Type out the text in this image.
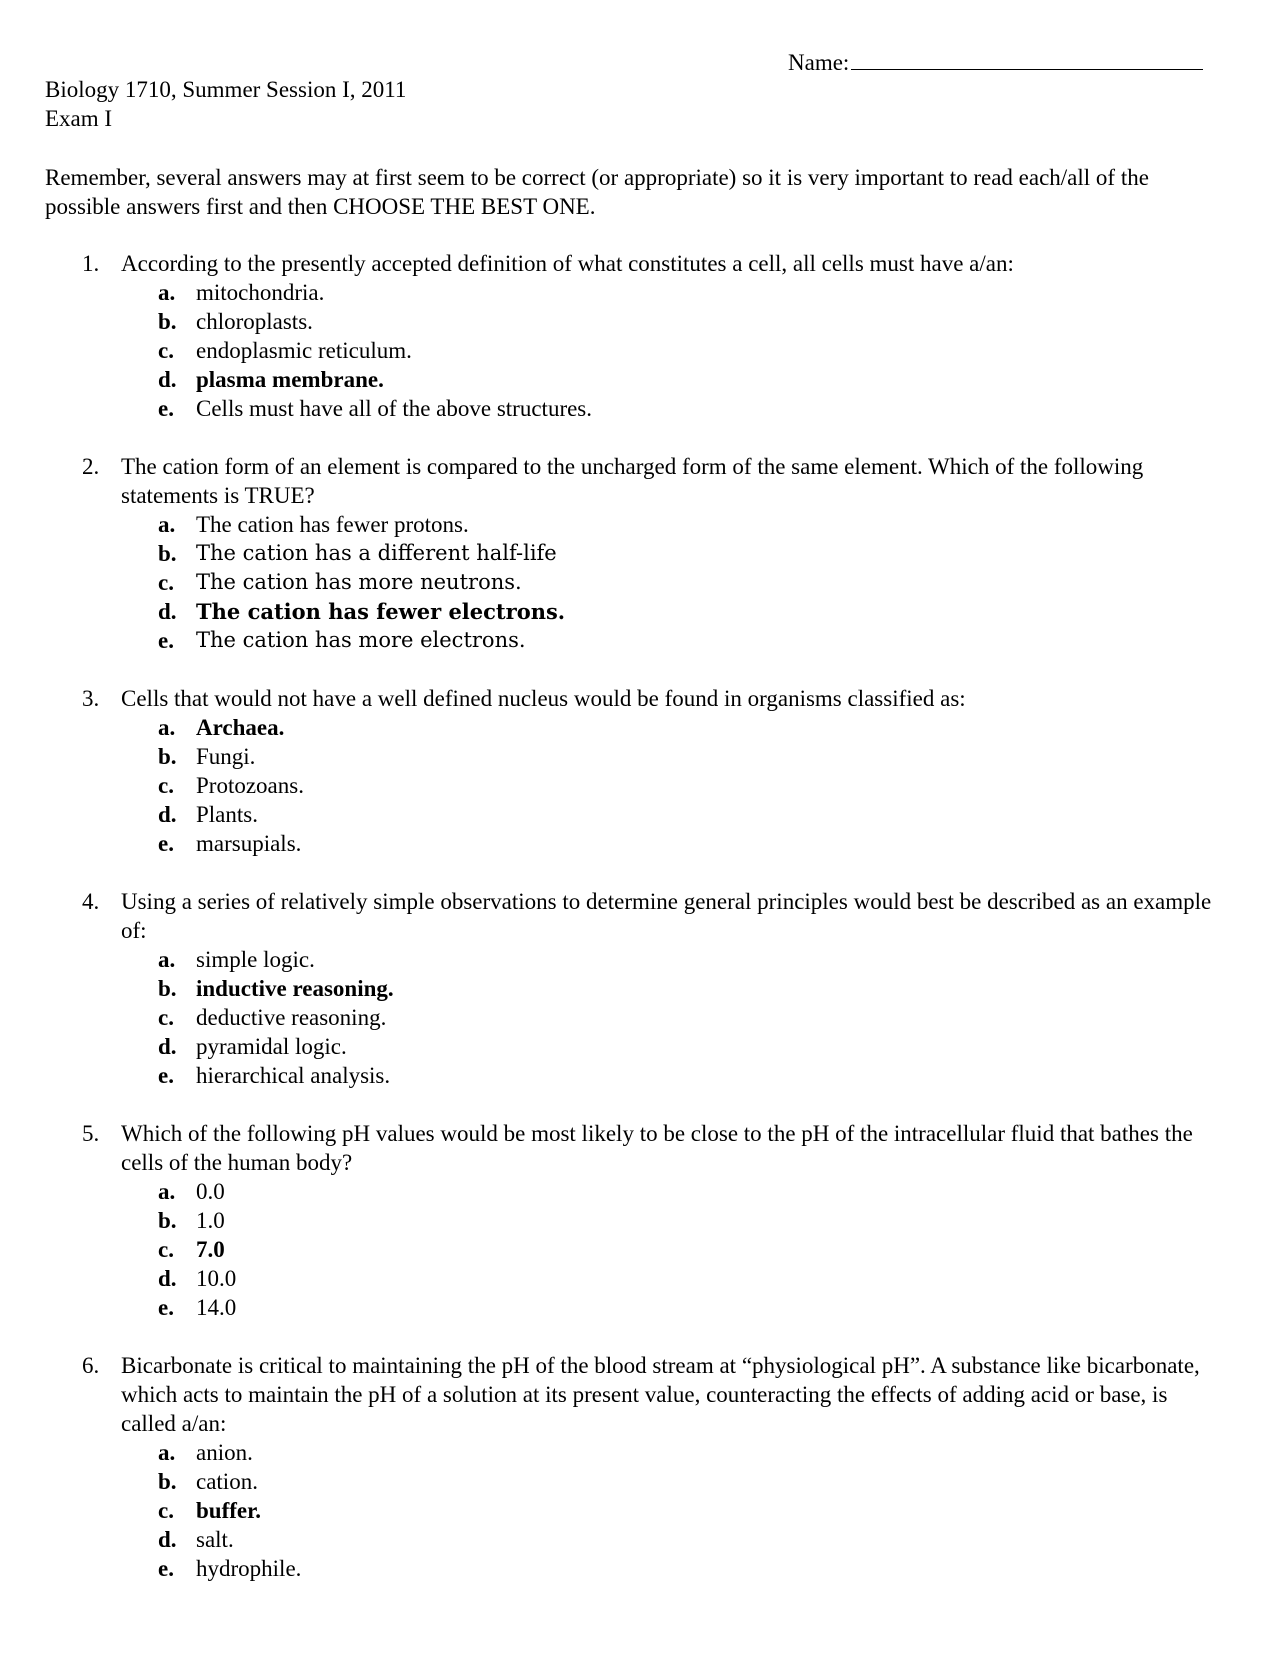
Name:
Biology 1710, Summer Session I, 2011
Exam I
Remember, several answers may at first seem to be correct (or appropriate) so it is very important to read each/all of the possible answers first and then CHOOSE THE BEST ONE.
1. According to the presently accepted definition of what constitutes a cell, all cells must have a/an:
a. mitochondria.
b. chloroplasts.
c. endoplasmic reticulum.
d. plasma membrane.
e. Cells must have all of the above structures.
2. The cation form of an element is compared to the uncharged form of the same element. Which of the following statements is TRUE?
a. The cation has fewer protons.
b. The cation has a different half-life
c. The cation has more neutrons.
d. The cation has fewer electrons.
e. The cation has more electrons.
3. Cells that would not have a well defined nucleus would be found in organisms classified as:
a. Archaea.
b. Fungi.
c. Protozoans.
d. Plants.
e. marsupials.
4. Using a series of relatively simple observations to determine general principles would best be described as an example of:
a. simple logic.
b. inductive reasoning.
c. deductive reasoning.
d. pyramidal logic.
e. hierarchical analysis.
5. Which of the following pH values would be most likely to be close to the pH of the intracellular fluid that bathes the cells of the human body?
a. 0.0
b. 1.0
c. 7.0
d. 10.0
e. 14.0
6. Bicarbonate is critical to maintaining the pH of the blood stream at “physiological pH”. A substance like bicarbonate, which acts to maintain the pH of a solution at its present value, counteracting the effects of adding acid or base, is called a/an:
a. anion.
b. cation.
c. buffer.
d. salt.
e. hydrophile.
